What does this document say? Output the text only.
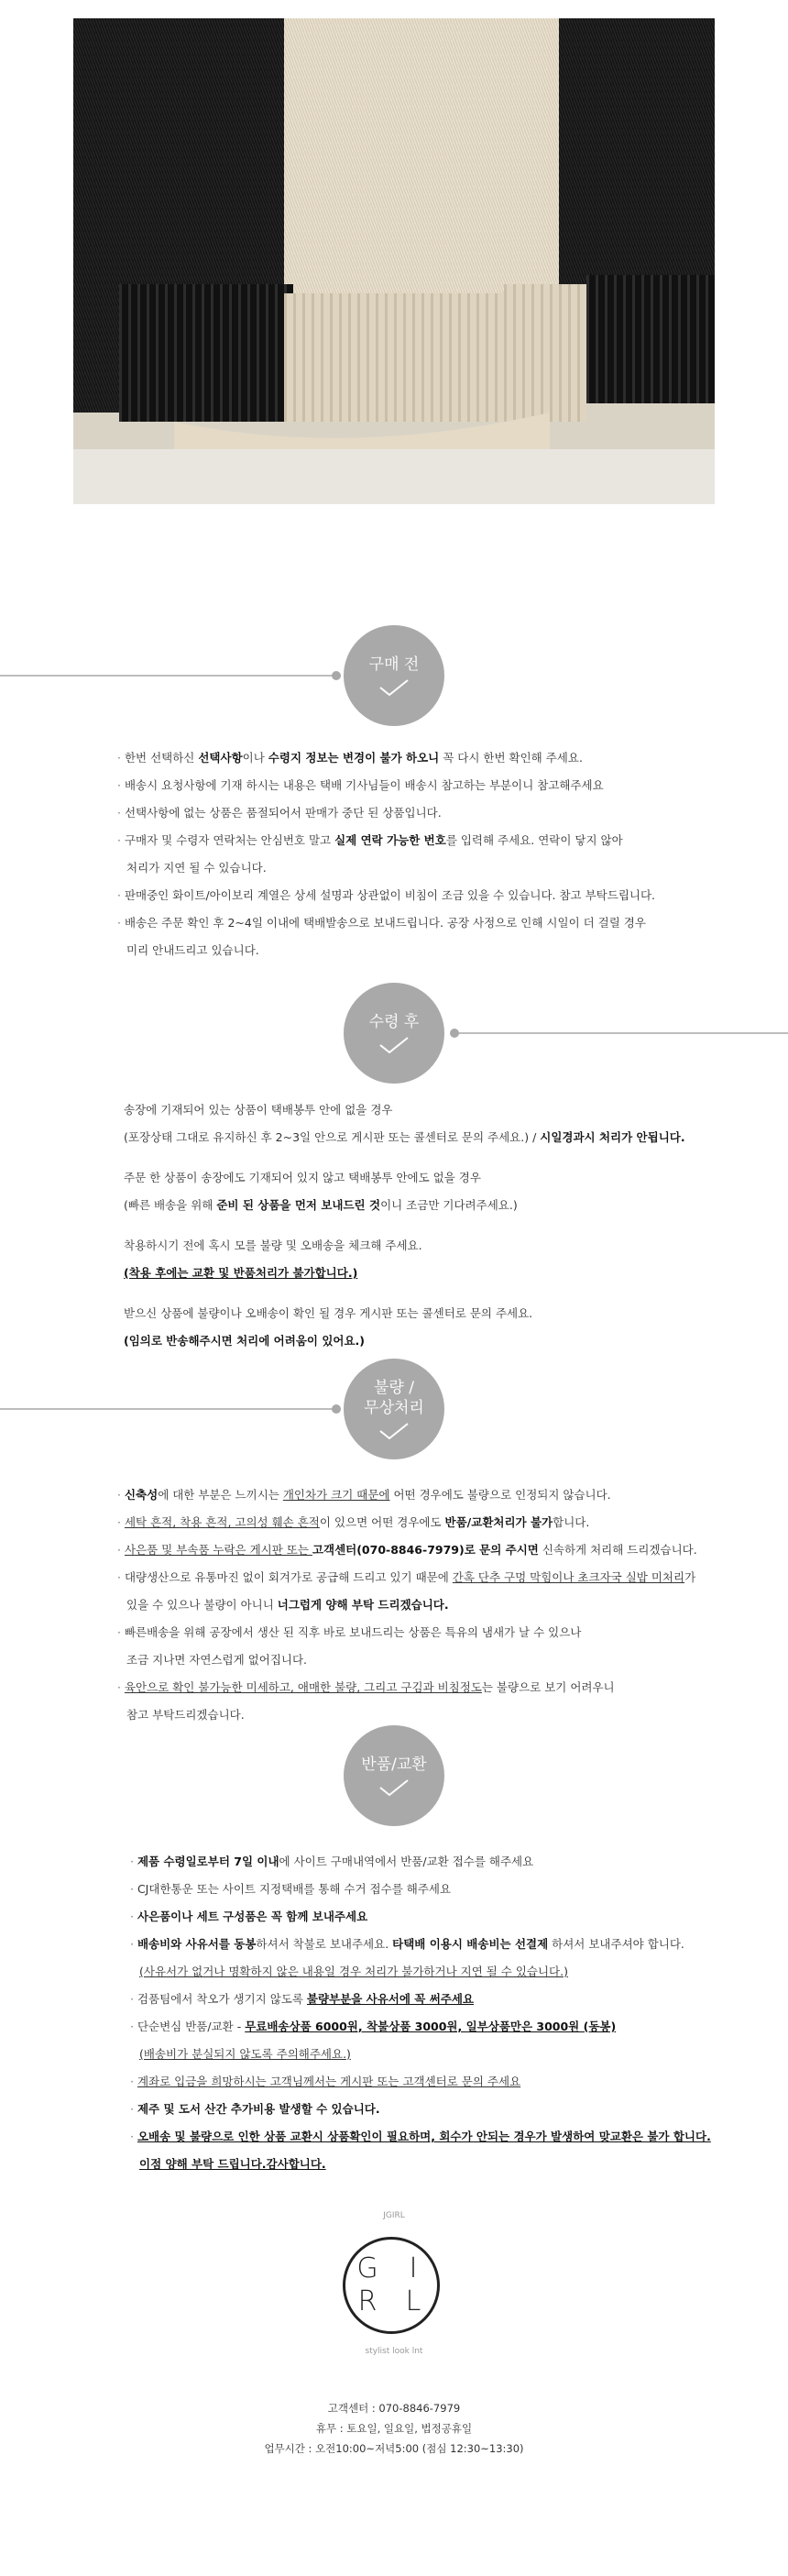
구매 전

· 한번 선택하신 선택사항이나 수령지 정보는 변경이 불가 하오니 꼭 다시 한번 확인해 주세요.

· 배송시 요청사항에 기재 하시는 내용은 택배 기사님들이 배송시 참고하는 부분이니 참고해주세요

· 선택사항에 없는 상품은 품절되어서 판매가 중단 된 상품입니다.

· 구매자 및 수령자 연락처는 안심번호 말고 실제 연락 가능한 번호를 입력해 주세요. 연락이 닿지 않아

처리가 지연 될 수 있습니다.

· 판매중인 화이트/아이보리 계열은 상세 설명과 상관없이 비침이 조금 있을 수 있습니다. 참고 부탁드립니다.

· 배송은 주문 확인 후 2~4일 이내에 택배발송으로 보내드립니다. 공장 사정으로 인해 시일이 더 걸릴 경우

미리 안내드리고 있습니다.

수령 후

송장에 기재되어 있는 상품이 택배봉투 안에 없을 경우

(포장상태 그대로 유지하신 후 2~3일 안으로 게시판 또는 콜센터로 문의 주세요.) / 시일경과시 처리가 안됩니다.

주문 한 상품이 송장에도 기재되어 있지 않고 택배봉투 안에도 없을 경우

(빠른 배송을 위해 준비 된 상품을 먼저 보내드린 것이니 조금만 기다려주세요.)

착용하시기 전에 혹시 모를 불량 및 오배송을 체크해 주세요.

(착용 후에는 교환 및 반품처리가 불가합니다.)

받으신 상품에 불량이나 오배송이 확인 될 경우 게시판 또는 콜센터로 문의 주세요.

(임의로 반송해주시면 처리에 어려움이 있어요.)

불량 /
무상처리

· 신축성에 대한 부분은 느끼시는 개인차가 크기 때문에 어떤 경우에도 불량으로 인정되지 않습니다.

· 세탁 흔적, 착용 흔적, 고의성 훼손 흔적이 있으면 어떤 경우에도 반품/교환처리가 불가합니다.

· 사은품 및 부속품 누락은 게시판 또는 고객센터(070-8846-7979)로 문의 주시면 신속하게 처리해 드리겠습니다.

· 대량생산으로 유통마진 없이 회겨가로 공급해 드리고 있기 때문에 간혹 단추 구멍 막힘이나 초크자국 실밥 미처리가

있을 수 있으나 불량이 아니니 너그럽게 양해 부탁 드리겠습니다.

· 빠른배송을 위해 공장에서 생산 된 직후 바로 보내드리는 상품은 특유의 냄새가 날 수 있으나

조금 지나면 자연스럽게 없어집니다.

· 육안으로 확인 불가능한 미세하고, 애매한 불량, 그리고 구김과 비침정도는 불량으로 보기 어려우니

참고 부탁드리겠습니다.

반품/교환

· 제품 수령일로부터 7일 이내에 사이트 구매내역에서 반품/교환 접수를 해주세요

· CJ대한통운 또는 사이트 지정택배를 통해 수거 접수를 해주세요

· 사은품이나 세트 구성품은 꼭 함께 보내주세요

· 배송비와 사유서를 동봉하셔서 착불로 보내주세요. 타택배 이용시 배송비는 선결제 하셔서 보내주셔야 합니다.

(사유서가 없거나 명확하지 않은 내용일 경우 처리가 불가하거나 지연 될 수 있습니다.)

· 검품팀에서 착오가 생기지 않도록 불량부분을 사유서에 꼭 써주세요

· 단순변심 반품/교환 - 무료배송상품 6000원, 착불상품 3000원, 일부상품만은 3000원 (동봉)

(배송비가 분실되지 않도록 주의해주세요.)

· 계좌로 입금을 희망하시는 고객님께서는 게시판 또는 고객센터로 문의 주세요

· 제주 및 도서 산간 추가비용 발생할 수 있습니다.

· 오배송 및 불량으로 인한 상품 교환시 상품확인이 필요하며, 회수가 안되는 경우가 발생하여 맞교환은 불가 합니다.

이점 양해 부탁 드립니다.감사합니다.

JGIRL
G	I
R L
stylist look lnt
고객센터 : 070-8846-7979
휴무 : 토요일, 일요일, 법정공휴일
업무시간 : 오전10:00~저녁5:00 (점심 12:30~13:30)
